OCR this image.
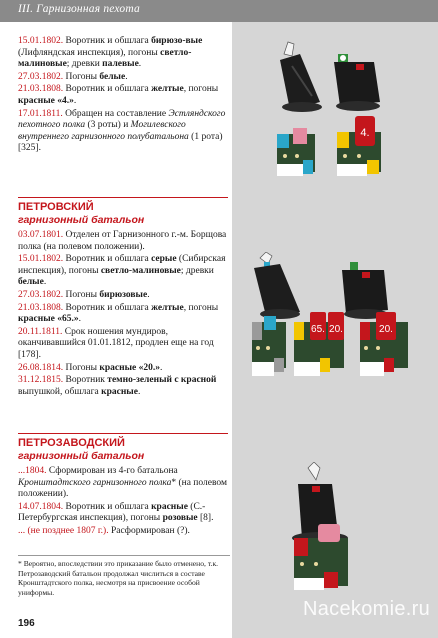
III. Гарнизонная пехота
15.01.1802. Воротник и обшлага бирюзо-вые (Лифляндская инспекция), погоны светло-малиновые; древки палевые.
27.03.1802. Погоны белые.
21.03.1808. Воротник и обшлага желтые, погоны красные «4.».
17.01.1811. Обращен на составление Эстляндского пехотного полка (3 роты) и Могилевского внутреннего гарнизонного полубатальона (1 рота) [325].
ПЕТРОВСКИЙ
гарнизонный батальон
03.07.1801. Отделен от Гарнизонного г.-м. Борщова полка (на полевом положении).
15.01.1802. Воротник и обшлага серые (Сибирская инспекция), погоны светло-малиновые; древки белые.
27.03.1802. Погоны бирюзовые.
21.03.1808. Воротник и обшлага желтые, погоны красные «65.».
20.11.1811. Срок ношения мундиров, оканчивавшийся 01.01.1812, продлен еще на год [178].
26.08.1814. Погоны красные «20.».
31.12.1815. Воротник темно-зеленый с красной выпушкой, обшлага красные.
ПЕТРОЗАВОДСКИЙ
гарнизонный батальон
...1804. Сформирован из 4-го батальона Кронштадтского гарнизонного полка* (на полевом положении).
14.07.1804. Воротник и обшлага красные (С.-Петербургская инспекция), погоны розовые [8].
... (не позднее 1807 г.). Расформирован (?).
* Вероятно, впоследствии это приказание было отменено, т.к. Петрозаводский батальон продолжал числиться в составе Кронштадтского полка, несмотря на присвоение особой униформы.
196
Nacekomie.ru
4.
65. 20.	20.
